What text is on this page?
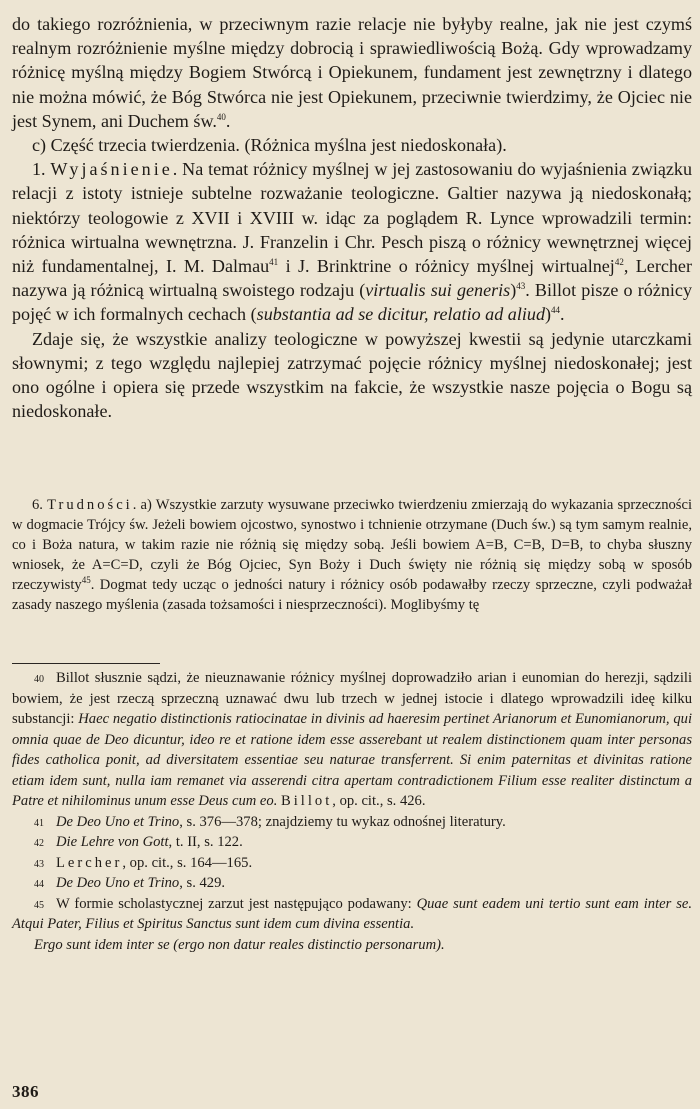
do takiego rozróżnienia, w przeciwnym razie relacje nie byłyby realne, jak nie jest czymś realnym rozróżnienie myślne między dobrocią i sprawiedliwością Bożą. Gdy wprowadzamy różnicę myślną między Bogiem Stwórcą i Opiekunem, fundament jest zewnętrzny i dlatego nie można mówić, że Bóg Stwórca nie jest Opiekunem, przeciwnie twierdzimy, że Ojciec nie jest Synem, ani Duchem św.$^{40}$.

c) Część trzecia twierdzenia. (Różnica myślna jest niedoskonała).

1. Wyjaśnienie. Na temat różnicy myślnej w jej zastosowaniu do wyjaśnienia związku relacji z istoty istnieje subtelne rozważanie teologiczne. Galtier nazywa ją niedoskonałą; niektórzy teologowie z XVII i XVIII w. idąc za poglądem R. Lynce wprowadzili termin: różnica wirtualna wewnętrzna. J. Franzelin i Chr. Pesch piszą o różnicy wewnętrznej więcej niż fundamentalnej, I. M. Dalmau$^{41}$ i J. Brinktrine o różnicy myślnej wirtualnej$^{42}$, Lercher nazywa ją różnicą wirtualną swoistego rodzaju (virtualis sui generis)$^{43}$. Billot pisze o różnicy pojęć w ich formalnych cechach (substantia ad se dicitur, relatio ad aliud)$^{44}$.

Zdaje się, że wszystkie analizy teologiczne w powyższej kwestii są jedynie utarczkami słownymi; z tego względu najlepiej zatrzymać pojęcie różnicy myślnej niedoskonałej; jest ono ogólne i opiera się przede wszystkim na fakcie, że wszystkie nasze pojęcia o Bogu są niedoskonałe.

6. Trudności. a) Wszystkie zarzuty wysuwane przeciwko twierdzeniu zmierzają do wykazania sprzeczności w dogmacie Trójcy św. Jeżeli bowiem ojcostwo, synostwo i tchnienie otrzymane (Duch św.) są tym samym realnie, co i Boża natura, w takim razie nie różnią się między sobą. Jeśli bowiem A=B, C=B, D=B, to chyba słuszny wniosek, że A=C=D, czyli że Bóg Ojciec, Syn Boży i Duch święty nie różnią się między sobą w sposób rzeczywisty$^{45}$. Dogmat tedy ucząc o jedności natury i różnicy osób podawałby rzeczy sprzeczne, czyli podważał zasady naszego myślenia (zasada tożsamości i niesprzeczności). Moglibyśmy tę

$^{40}$ Billot słusznie sądzi, że nieuznawanie różnicy myślnej doprowadziło arian i eunomian do herezji, sądzili bowiem, że jest rzeczą sprzeczną uznawać dwu lub trzech w jednej istocie i dlatego wprowadzili ideę kilku substancji: Haec negatio distinctionis ratiocinatae in divinis ad haeresim pertinet Arianorum et Eunomianorum, qui omnia quae de Deo dicuntur, ideo re et ratione idem esse asserebant ut realem distinctionem quam inter personas fides catholica ponit, ad diversitatem essentiae seu naturae transferrent. Si enim paternitas et divinitas ratione etiam idem sunt, nulla iam remanet via asserendi citra apertam contradictionem Filium esse realiter distinctum a Patre et nihilominus unum esse Deus cum eo. Billot, op. cit., s. 426.

$^{41}$ De Deo Uno et Trino, s. 376—378; znajdziemy tu wykaz odnośnej literatury.

$^{42}$ Die Lehre von Gott, t. II, s. 122.

$^{43}$ Lercher, op. cit., s. 164—165.

$^{44}$ De Deo Uno et Trino, s. 429.

$^{45}$ W formie scholastycznej zarzut jest następująco podawany: Quae sunt eadem uni tertio sunt eam inter se. Atqui Pater, Filius et Spiritus Sanctus sunt idem cum divina essentia.

Ergo sunt idem inter se (ergo non datur reales distinctio personarum).

386
